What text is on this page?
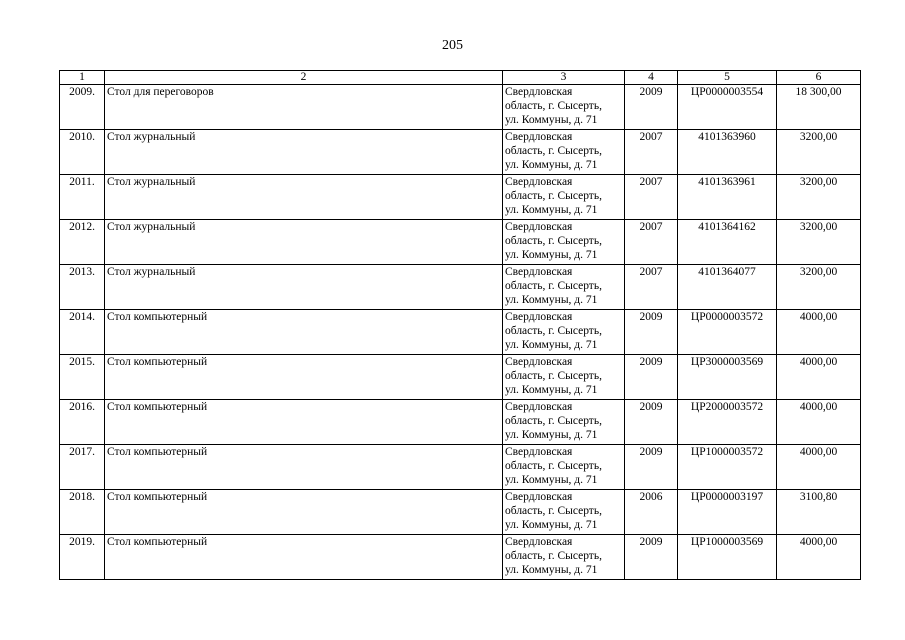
205
1	2	3	4	5	6
2009.	Стол для переговоров	Свердловская
область, г. Сысерть,
ул. Коммуны, д. 71	2009	ЦР0000003554	18 300,00
2010.	Стол журнальный	Свердловская
область, г. Сысерть,
ул. Коммуны, д. 71	2007	4101363960	3200,00
2011.	Стол журнальный	Свердловская
область, г. Сысерть,
ул. Коммуны, д. 71	2007	4101363961	3200,00
2012.	Стол журнальный	Свердловская
область, г. Сысерть,
ул. Коммуны, д. 71	2007	4101364162	3200,00
2013.	Стол журнальный	Свердловская
область, г. Сысерть,
ул. Коммуны, д. 71	2007	4101364077	3200,00
2014.	Стол компьютерный	Свердловская
область, г. Сысерть,
ул. Коммуны, д. 71	2009	ЦР0000003572	4000,00
2015.	Стол компьютерный	Свердловская
область, г. Сысерть,
ул. Коммуны, д. 71	2009	ЦР3000003569	4000,00
2016.	Стол компьютерный	Свердловская
область, г. Сысерть,
ул. Коммуны, д. 71	2009	ЦР2000003572	4000,00
2017.	Стол компьютерный	Свердловская
область, г. Сысерть,
ул. Коммуны, д. 71	2009	ЦР1000003572	4000,00
2018.	Стол компьютерный	Свердловская
область, г. Сысерть,
ул. Коммуны, д. 71	2006	ЦР0000003197	3100,80
2019.	Стол компьютерный	Свердловская
область, г. Сысерть,
ул. Коммуны, д. 71	2009	ЦР1000003569	4000,00
